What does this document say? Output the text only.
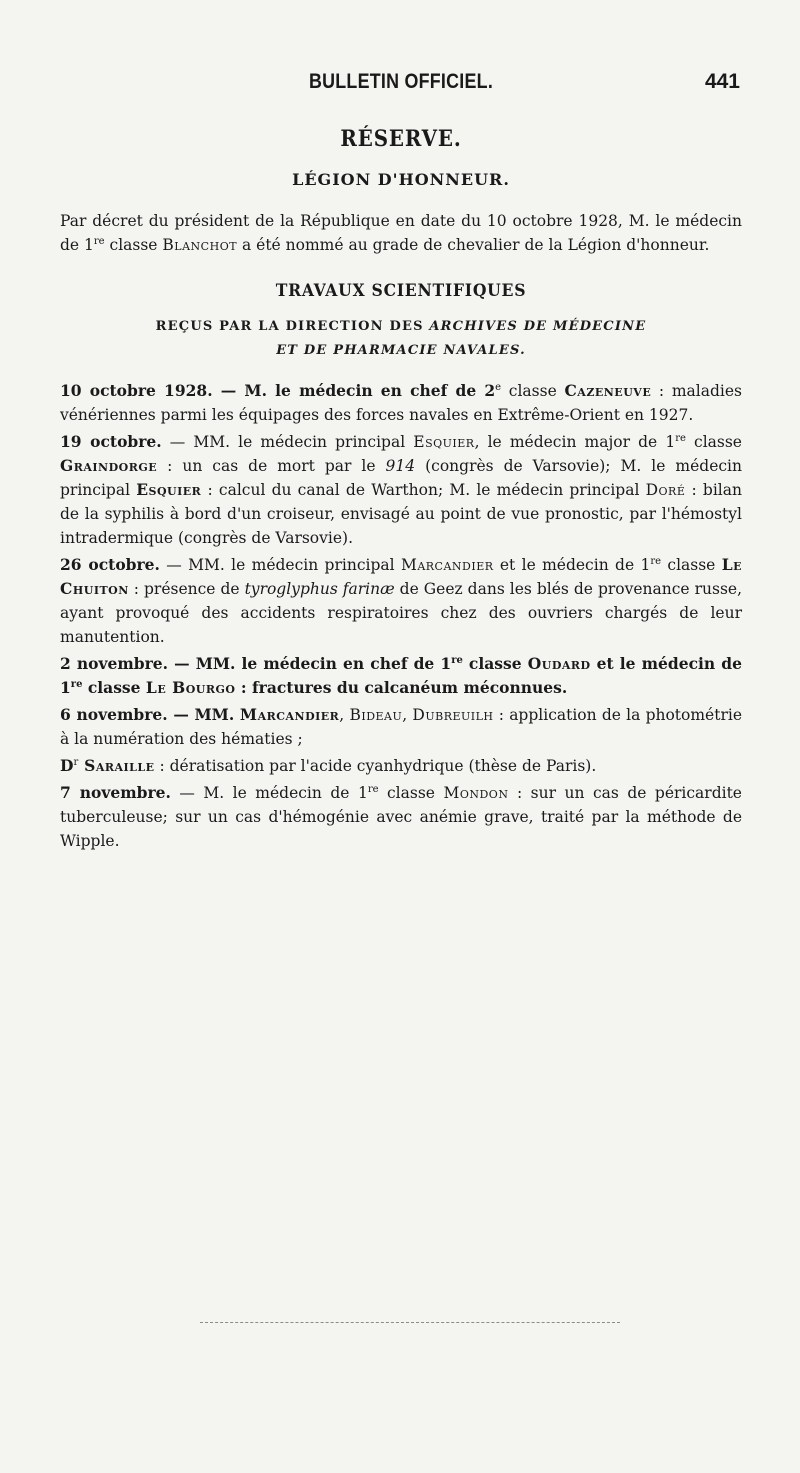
BULLETIN OFFICIEL.	441
RÉSERVE.
LÉGION D'HONNEUR.

Par décret du président de la République en date du 10 octobre 1928, M. le médecin de 1re classe Blanchot a été nommé au grade de chevalier de la Légion d'honneur.

TRAVAUX SCIENTIFIQUES
REÇUS PAR LA DIRECTION DES ARCHIVES DE MÉDECINE
ET DE PHARMACIE NAVALES.

10 octobre 1928. — M. le médecin en chef de 2e classe Cazeneuve : maladies vénériennes parmi les équipages des forces navales en Extrême-Orient en 1927.

19 octobre. — MM. le médecin principal Esquier, le médecin major de 1re classe Graindorge : un cas de mort par le 914 (congrès de Varsovie); M. le médecin principal Esquier : calcul du canal de Warthon; M. le médecin principal Doré : bilan de la syphilis à bord d'un croiseur, envisagé au point de vue pronostic, par l'hémostyl intradermique (congrès de Varsovie).

26 octobre. — MM. le médecin principal Marcandier et le médecin de 1re classe Le Chuiton : présence de tyroglyphus farinæ de Geez dans les blés de provenance russe, ayant provoqué des accidents respiratoires chez des ouvriers chargés de leur manutention.

2 novembre. — MM. le médecin en chef de 1re classe Oudard et le médecin de 1re classe Le Bourgo : fractures du calcanéum méconnues.

6 novembre. — MM. Marcandier, Bideau, Dubreuilh : application de la photométrie à la numération des hématies ;

$D^r$ Saraille : dératisation par l'acide cyanhydrique (thèse de Paris).

7 novembre. — M. le médecin de 1re classe Mondon : sur un cas de péricardite tuberculeuse; sur un cas d'hémogénie avec anémie grave, traité par la méthode de Wipple.
